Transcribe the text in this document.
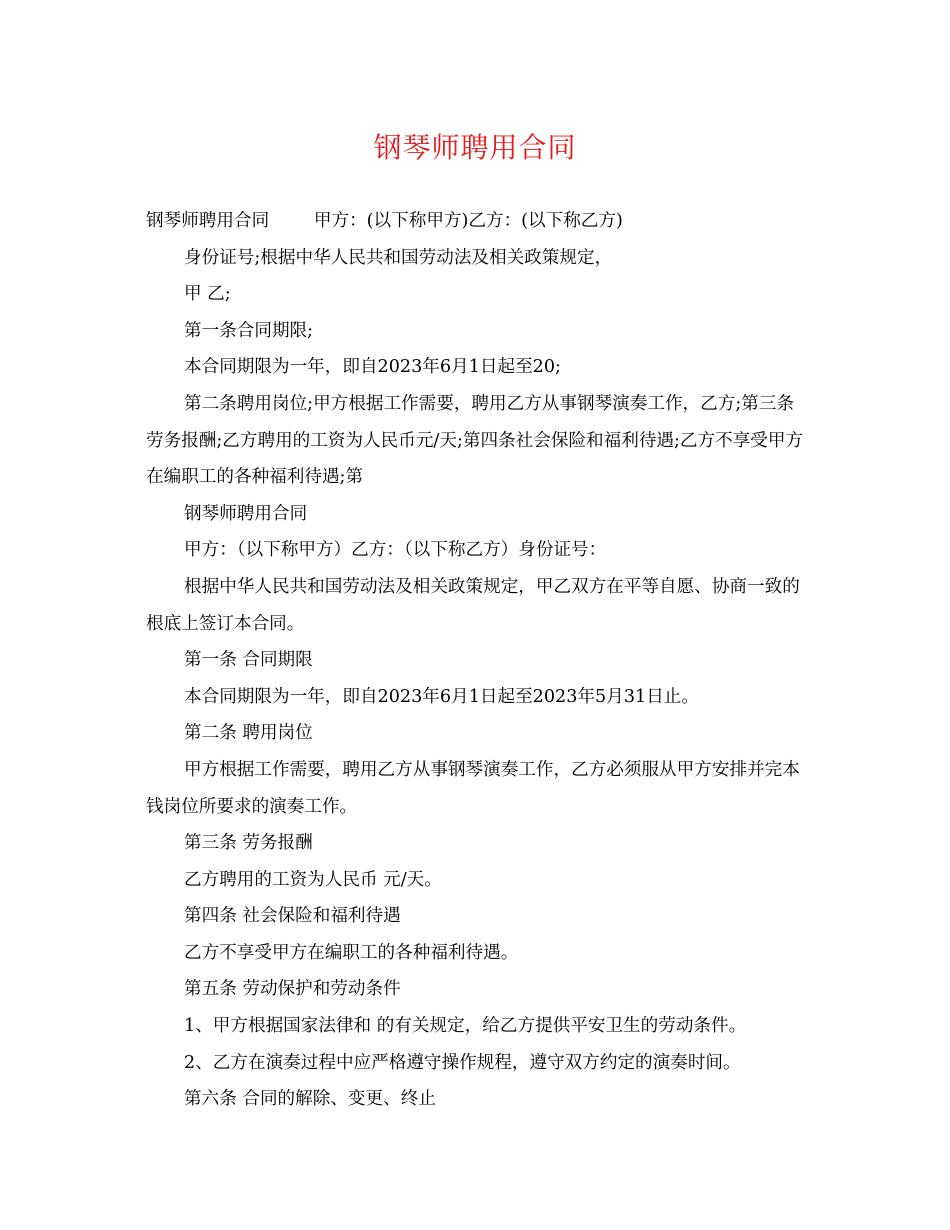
钢琴师聘用合同

钢琴师聘用合同        甲方：(以下称甲方)乙方：(以下称乙方)

身份证号;根据中华人民共和国劳动法及相关政策规定，

甲 乙;

第一条合同期限;

本合同期限为一年，即自2023年6月1日起至20;

第二条聘用岗位;甲方根据工作需要，聘用乙方从事钢琴演奏工作，乙方;第三条劳务报酬;乙方聘用的工资为人民币元/天;第四条社会保险和福利待遇;乙方不享受甲方在编职工的各种福利待遇;第

钢琴师聘用合同

甲方：（以下称甲方）乙方：（以下称乙方）身份证号：

根据中华人民共和国劳动法及相关政策规定，甲乙双方在平等自愿、协商一致的根底上签订本合同。

第一条 合同期限

本合同期限为一年，即自2023年6月1日起至2023年5月31日止。

第二条 聘用岗位

甲方根据工作需要，聘用乙方从事钢琴演奏工作，乙方必须服从甲方安排并完本钱岗位所要求的演奏工作。

第三条 劳务报酬

乙方聘用的工资为人民币 元/天。

第四条 社会保险和福利待遇

乙方不享受甲方在编职工的各种福利待遇。

第五条 劳动保护和劳动条件

1、甲方根据国家法律和 的有关规定，给乙方提供平安卫生的劳动条件。

2、乙方在演奏过程中应严格遵守操作规程，遵守双方约定的演奏时间。

第六条 合同的解除、变更、终止
